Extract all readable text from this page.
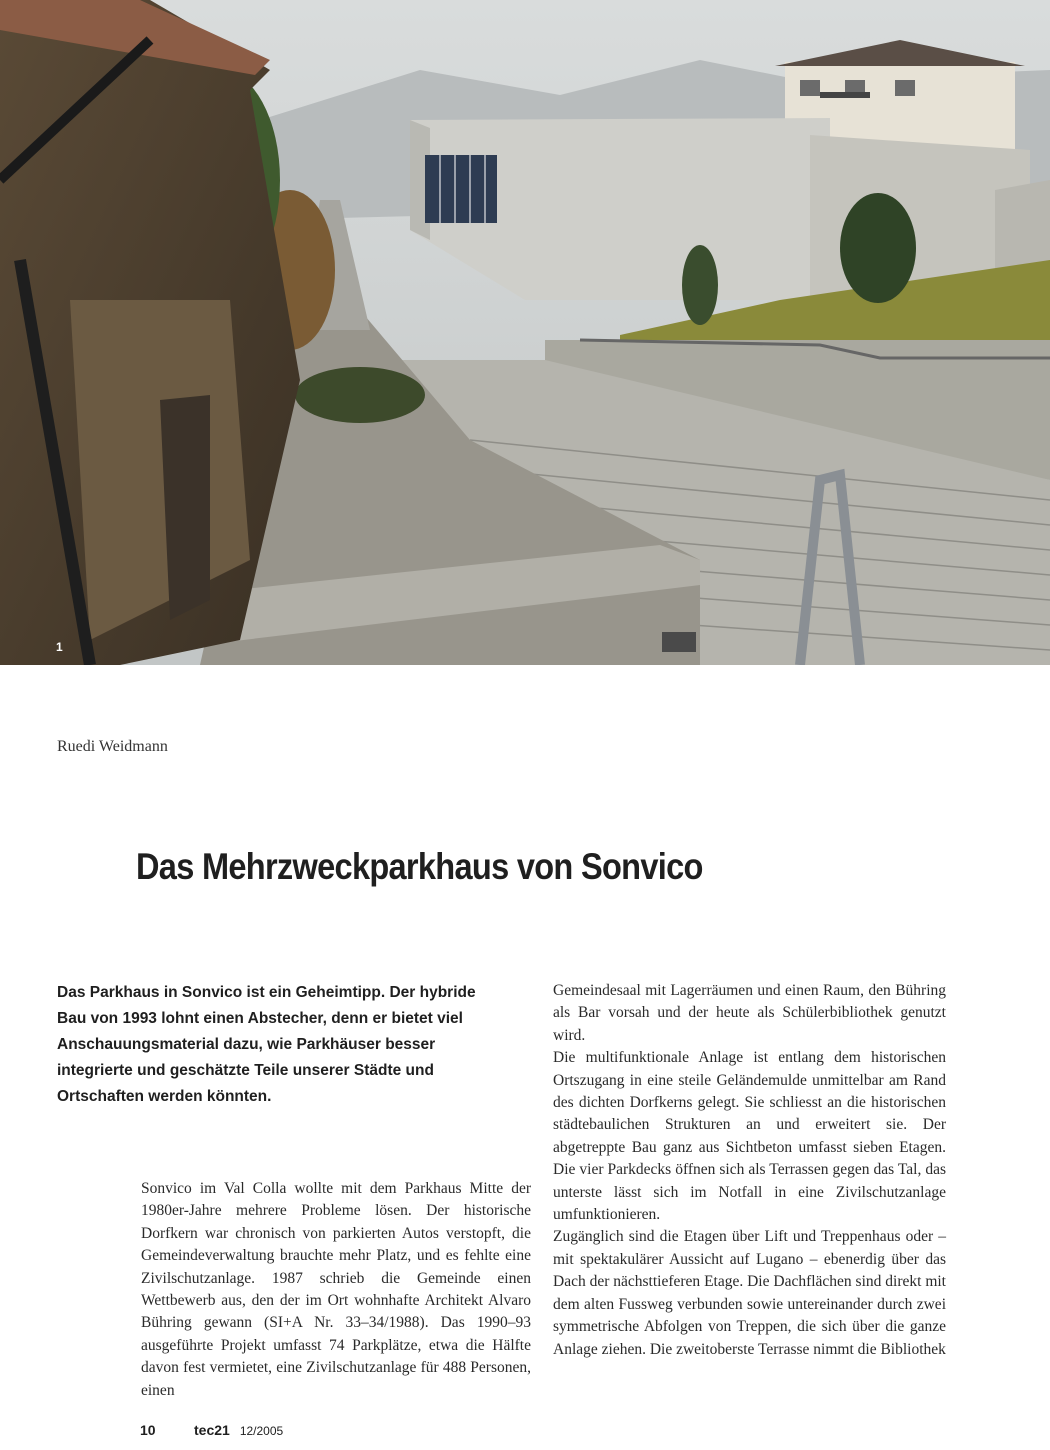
1
Ruedi Weidmann
Das Mehrzweckparkhaus von Sonvico
Das Parkhaus in Sonvico ist ein Geheimtipp. Der hybride Bau von 1993 lohnt einen Abstecher, denn er bietet viel Anschauungsmaterial dazu, wie Parkhäuser besser integrierte und geschätzte Teile unserer Städte und Ortschaften werden könnten.

Sonvico im Val Colla wollte mit dem Parkhaus Mitte der 1980er-Jahre mehrere Probleme lösen. Der historische Dorfkern war chronisch von parkierten Autos verstopft, die Gemeindeverwaltung brauchte mehr Platz, und es fehlte eine Zivilschutzanlage. 1987 schrieb die Gemeinde einen Wettbewerb aus, den der im Ort wohnhafte Architekt Alvaro Bühring gewann (SI+A Nr. 33–34/1988). Das 1990–93 ausgeführte Projekt umfasst 74 Parkplätze, etwa die Hälfte davon fest vermietet, eine Zivilschutzanlage für 488 Personen, einen

Gemeindesaal mit Lagerräumen und einen Raum, den Bühring als Bar vorsah und der heute als Schülerbibliothek genutzt wird.

Die multifunktionale Anlage ist entlang dem historischen Ortszugang in eine steile Geländemulde unmittelbar am Rand des dichten Dorfkerns gelegt. Sie schliesst an die historischen städtebaulichen Strukturen an und erweitert sie. Der abgetreppte Bau ganz aus Sichtbeton umfasst sieben Etagen. Die vier Parkdecks öffnen sich als Terrassen gegen das Tal, das unterste lässt sich im Notfall in eine Zivilschutzanlage umfunktionieren.

Zugänglich sind die Etagen über Lift und Treppenhaus oder – mit spektakulärer Aussicht auf Lugano – ebenerdig über das Dach der nächsttieferen Etage. Die Dachflächen sind direkt mit dem alten Fussweg verbunden sowie untereinander durch zwei symmetrische Abfolgen von Treppen, die sich über die ganze Anlage ziehen. Die zweitoberste Terrasse nimmt die Bibliothek

10	tec21 12/2005
